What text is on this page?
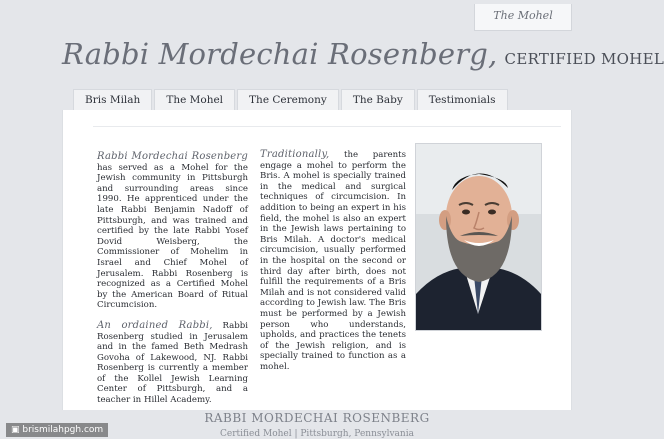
The Mohel
Rabbi Mordechai Rosenberg, CERTIFIED MOHEL
Bris Milah	The Mohel	The Ceremony	The Baby	Testimonials

Rabbi Mordechai Rosenberg has served as a Mohel for the Jewish community in Pittsburgh and surrounding areas since 1990. He apprenticed under the late Rabbi Benjamin Nadoff of Pittsburgh, and was trained and certified by the late Rabbi Yosef Dovid Weisberg, the Commissioner of Mohelim in Israel and Chief Mohel of Jerusalem. Rabbi Rosenberg is recognized as a Certified Mohel by the American Board of Ritual Circumcision.

An ordained Rabbi, Rabbi Rosenberg studied in Jerusalem and in the famed Beth Medrash Govoha of Lakewood, NJ. Rabbi Rosenberg is currently a member of the Kollel Jewish Learning Center of Pittsburgh, and a teacher in Hillel Academy.

Traditionally, the parents engage a mohel to perform the Bris. A mohel is specially trained in the medical and surgical techniques of circumcision. In addition to being an expert in his field, the mohel is also an expert in the Jewish laws pertaining to Bris Milah. A doctor's medical circumcision, usually performed in the hospital on the second or third day after birth, does not fulfill the requirements of a Bris Milah and is not considered valid according to Jewish law. The Bris must be performed by a Jewish person who understands, upholds, and practices the tenets of the Jewish religion, and is specially trained to function as a mohel.

RABBI MORDECHAI ROSENBERG
Certified Mohel | Pittsburgh, Pennsylvania
▣ brismilahpgh.com
